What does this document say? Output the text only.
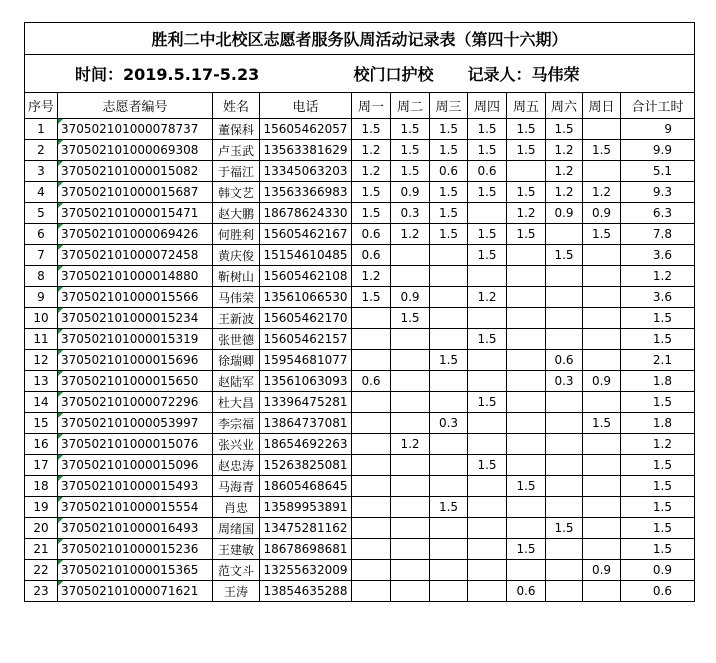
胜利二中北校区志愿者服务队周活动记录表（第四十六期）											
时间：2019.5.17-5.23				校门口护校			记录人：马伟荣				
序号	志愿者编号	姓名	电话	周一	周二	周三	周四	周五	周六	周日	合计工时
1	370502101000078737	董保科	15605462057	1.5	1.5	1.5	1.5	1.5	1.5		9
2	370502101000069308	卢玉武	13563381629	1.2	1.5	1.5	1.5	1.5	1.2	1.5	9.9
3	370502101000015082	于福江	13345063203	1.2	1.5	0.6	0.6		1.2		5.1
4	370502101000015687	韩文艺	13563366983	1.5	0.9	1.5	1.5	1.5	1.2	1.2	9.3
5	370502101000015471	赵大鹏	18678624330	1.5	0.3	1.5		1.2	0.9	0.9	6.3
6	370502101000069426	何胜利	15605462167	0.6	1.2	1.5	1.5	1.5		1.5	7.8
7	370502101000072458	黄庆俊	15154610485	0.6			1.5		1.5		3.6
8	370502101000014880	靳树山	15605462108	1.2							1.2
9	370502101000015566	马伟荣	13561066530	1.5	0.9		1.2				3.6
10	370502101000015234	王新波	15605462170		1.5						1.5
11	370502101000015319	张世德	15605462157				1.5				1.5
12	370502101000015696	徐瑞卿	15954681077			1.5			0.6		2.1
13	370502101000015650	赵陆军	13561063093	0.6					0.3	0.9	1.8
14	370502101000072296	杜大昌	13396475281				1.5				1.5
15	370502101000053997	李宗福	13864737081			0.3				1.5	1.8
16	370502101000015076	张兴业	18654692263		1.2						1.2
17	370502101000015096	赵忠涛	15263825081				1.5				1.5
18	370502101000015493	马海青	18605468645					1.5			1.5
19	370502101000015554	肖忠	13589953891			1.5					1.5
20	370502101000016493	周绪国	13475281162						1.5		1.5
21	370502101000015236	王建敏	18678698681					1.5			1.5
22	370502101000015365	范文斗	13255632009							0.9	0.9
23	370502101000071621	王涛	13854635288					0.6			0.6
